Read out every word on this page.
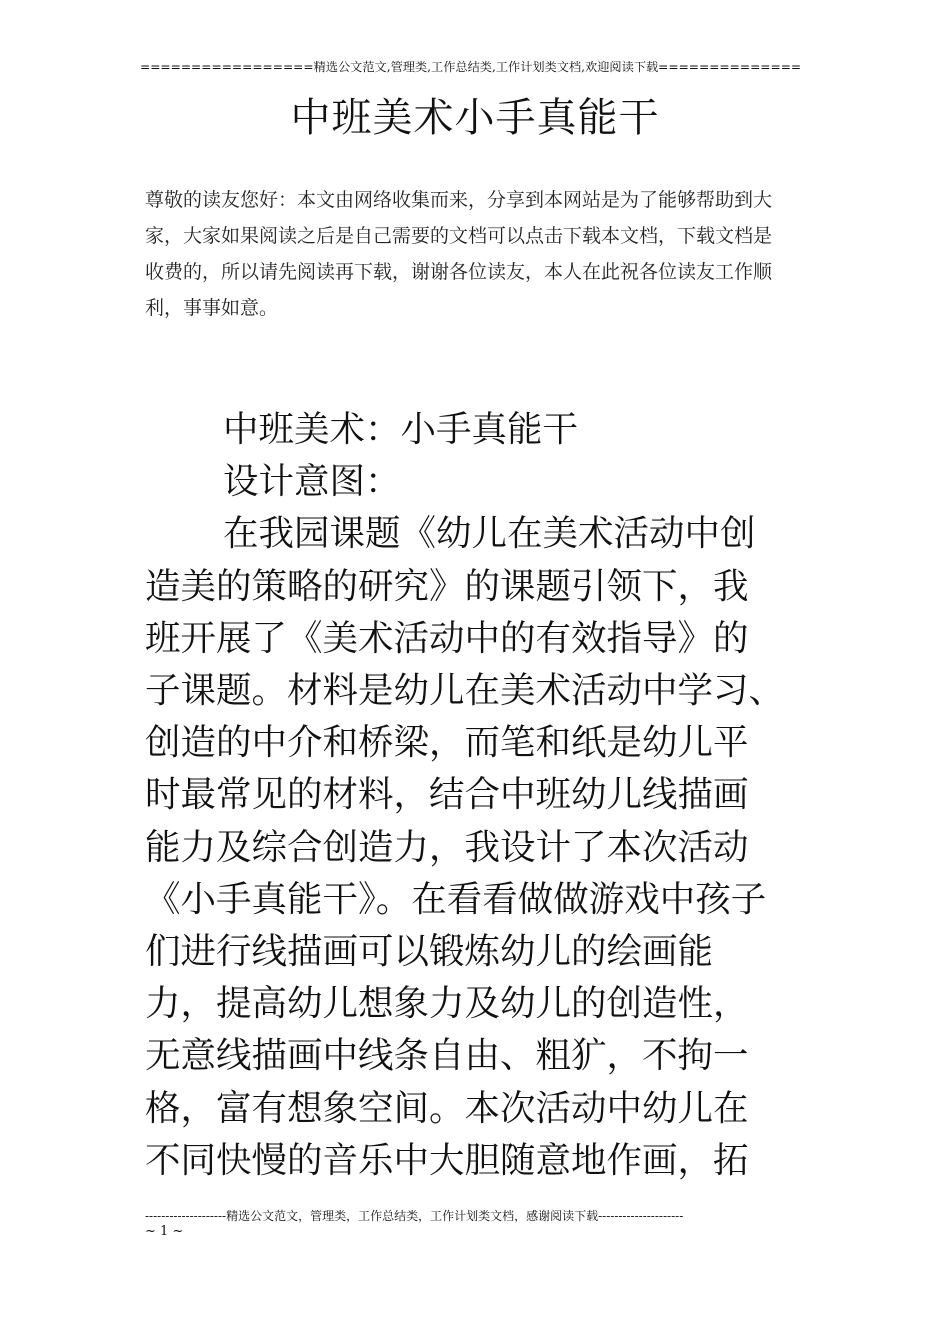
=================精选公文范文,管理类,工作总结类,工作计划类文档,欢迎阅读下载==============
中班美术小手真能干
尊敬的读友您好：本文由网络收集而来，分享到本网站是为了能够帮助到大
家，大家如果阅读之后是自己需要的文档可以点击下载本文档，下载文档是
收费的，所以请先阅读再下载，谢谢各位读友，本人在此祝各位读友工作顺
利，事事如意。
中班美术：小手真能干
设计意图：
在我园课题《幼儿在美术活动中创
造美的策略的研究》的课题引领下，我
班开展了《美术活动中的有效指导》的
子课题。材料是幼儿在美术活动中学习、
创造的中介和桥梁，而笔和纸是幼儿平
时最常见的材料，结合中班幼儿线描画
能力及综合创造力，我设计了本次活动
《小手真能干》。在看看做做游戏中孩子
们进行线描画可以锻炼幼儿的绘画能
力，提高幼儿想象力及幼儿的创造性，
无意线描画中线条自由、粗犷，不拘一
格，富有想象空间。本次活动中幼儿在
不同快慢的音乐中大胆随意地作画，拓
--------------------精选公文范文，管理类，工作总结类，工作计划类文档，感谢阅读下载---------------------
~ 1 ~
